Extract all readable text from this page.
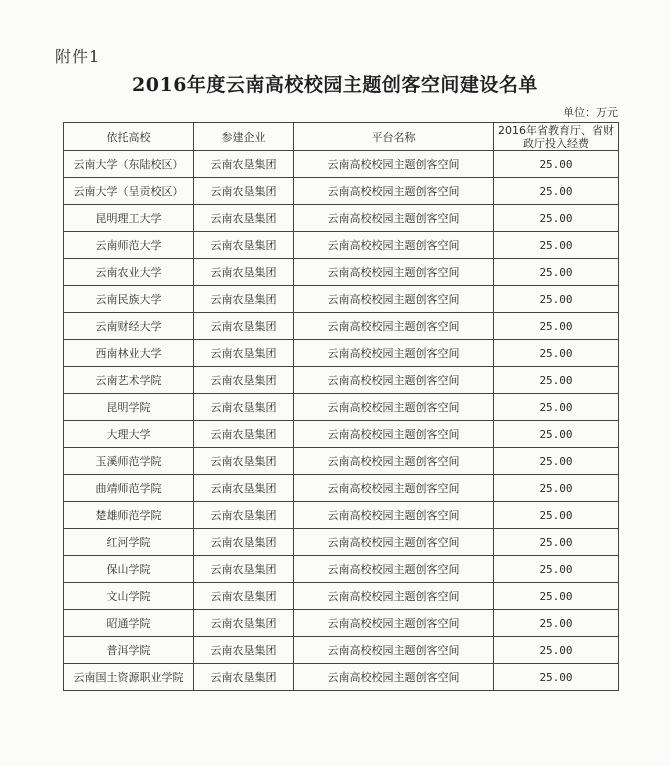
附件1
2016年度云南高校校园主题创客空间建设名单
单位：万元
依托高校	参建企业	平台名称	2016年省教育厅、省财政厅投入经费

云南大学（东陆校区）	云南农垦集团	云南高校校园主题创客空间	25.00
云南大学（呈贡校区）	云南农垦集团	云南高校校园主题创客空间	25.00
昆明理工大学	云南农垦集团	云南高校校园主题创客空间	25.00
云南师范大学	云南农垦集团	云南高校校园主题创客空间	25.00
云南农业大学	云南农垦集团	云南高校校园主题创客空间	25.00
云南民族大学	云南农垦集团	云南高校校园主题创客空间	25.00
云南财经大学	云南农垦集团	云南高校校园主题创客空间	25.00
西南林业大学	云南农垦集团	云南高校校园主题创客空间	25.00
云南艺术学院	云南农垦集团	云南高校校园主题创客空间	25.00
昆明学院	云南农垦集团	云南高校校园主题创客空间	25.00
大理大学	云南农垦集团	云南高校校园主题创客空间	25.00
玉溪师范学院	云南农垦集团	云南高校校园主题创客空间	25.00
曲靖师范学院	云南农垦集团	云南高校校园主题创客空间	25.00
楚雄师范学院	云南农垦集团	云南高校校园主题创客空间	25.00
红河学院	云南农垦集团	云南高校校园主题创客空间	25.00
保山学院	云南农垦集团	云南高校校园主题创客空间	25.00
文山学院	云南农垦集团	云南高校校园主题创客空间	25.00
昭通学院	云南农垦集团	云南高校校园主题创客空间	25.00
普洱学院	云南农垦集团	云南高校校园主题创客空间	25.00
云南国土资源职业学院	云南农垦集团	云南高校校园主题创客空间	25.00
